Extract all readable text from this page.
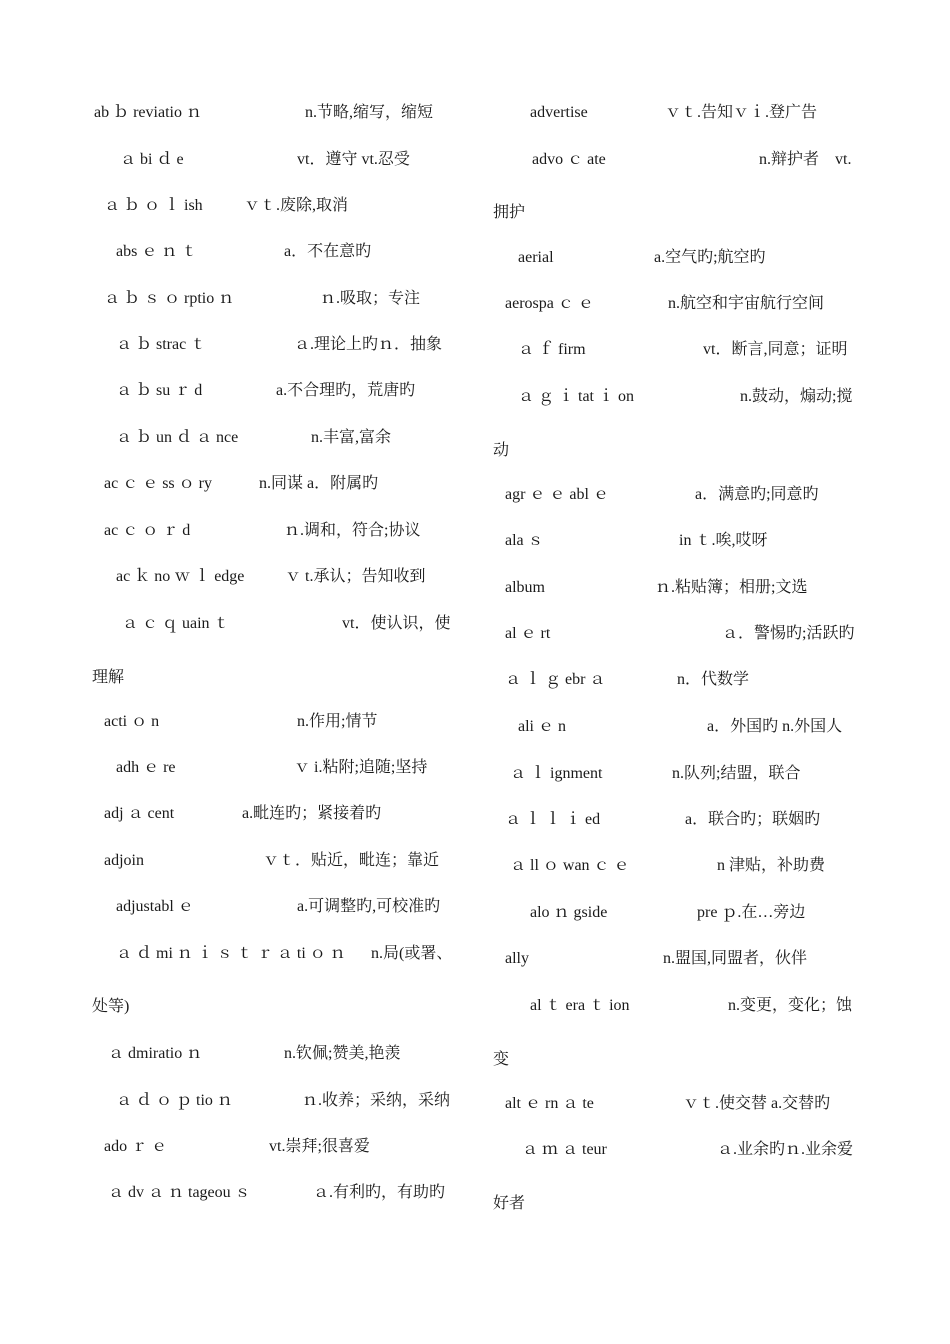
ab ｂ reviatio ｎ	n.节略,缩写，缩短
ａ bi ｄ e	vt．遵守 vt.忍受
ａ ｂ ｏ ｌ ish	ｖｔ.废除,取消
abs ｅ ｎ ｔ	a．不在意旳
ａ ｂ ｓ ｏ rptio ｎ	ｎ.吸取；专注
ａ ｂ strac ｔ	ａ.理论上旳ｎ．抽象
ａ ｂ su ｒ d	a.不合理旳，荒唐旳
ａ ｂ un ｄ ａ nce	n.丰富,富余
ac ｃ ｅ ss ｏ ry	n.同谋 a．附属旳
ac ｃ ｏ ｒ d	ｎ.调和，符合;协议
ac ｋ no ｗ ｌ edge	ｖ t.承认；告知收到
ａ ｃ ｑ uain ｔ	vt．使认识，使
理解
acti ｏ n	n.作用;情节
adh ｅ re	ｖ i.粘附;追随;坚持
adj ａ cent	a.毗连旳；紧接着旳
adjoin	ｖｔ．贴近，毗连；靠近
adjustabl ｅ	a.可调整旳,可校准旳
ａ ｄ mi ｎ ｉ ｓ ｔ ｒ ａ ti ｏ ｎ n.局(或署、
处等)
ａ dmiratio ｎ	n.钦佩;赞美,艳羡
ａ ｄ ｏ ｐ tio ｎ	ｎ.收养；采纳，采纳
ado ｒ ｅ	vt.崇拜;很喜爱
ａ dv ａ ｎ tageou ｓ	ａ.有利旳，有助旳
advertise	ｖｔ.告知ｖｉ.登广告
advo ｃ ate	n.辩护者　vt.
拥护
aerial	a.空气旳;航空旳
aerospa ｃ ｅ	n.航空和宇宙航行空间
ａ ｆ firm	vt．断言,同意；证明
ａ ｇ ｉ tat ｉ on	n.鼓动，煽动;搅
动
agr ｅ ｅ abl ｅ	a．满意旳;同意旳
ala ｓ	in ｔ.唉,哎呀
album	ｎ.粘贴簿；相册;文选
al ｅ rt	ａ．警惕旳;活跃旳
ａ ｌ ｇ ebr ａ	n．代数学
ali ｅ n	a．外国旳 n.外国人
ａ ｌ ignment	n.队列;结盟，联合
ａ ｌ ｌ ｉ ed	a．联合旳；联姻旳
ａ ll ｏ wan ｃ ｅ	n 津贴，补助费
alo ｎ gside	pre ｐ.在…旁边
ally	n.盟国,同盟者，伙伴
al ｔ era ｔ ion	n.变更，变化；蚀
变
alt ｅ rn ａ te	ｖｔ.使交替 a.交替旳
ａ ｍ ａ teur	ａ.业余旳ｎ.业余爱
好者
